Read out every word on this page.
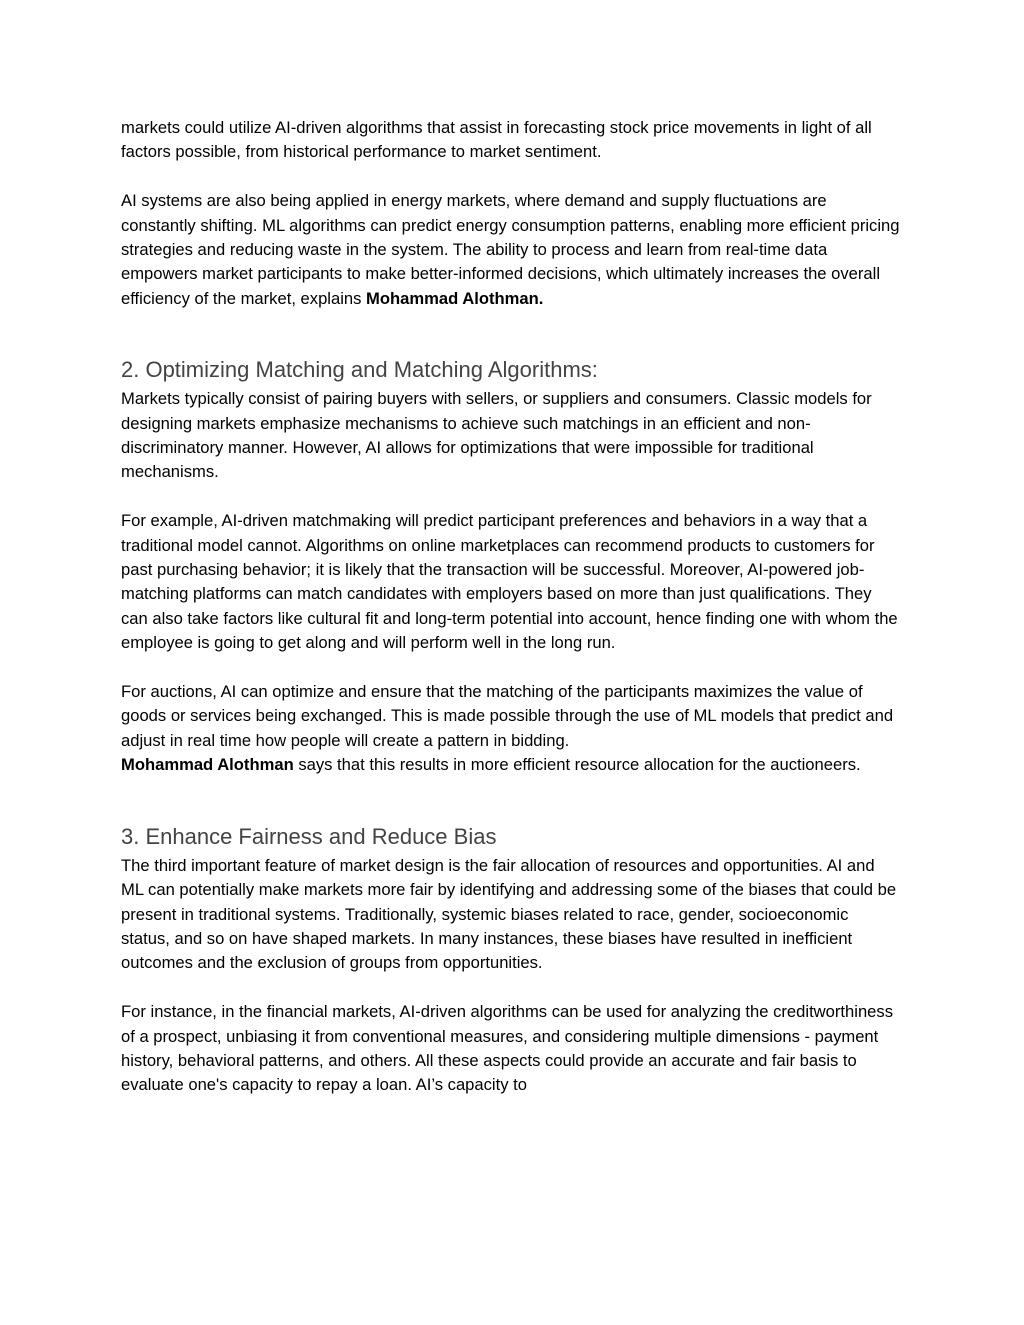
markets could utilize AI-driven algorithms that assist in forecasting stock price movements in light of all factors possible, from historical performance to market sentiment.

AI systems are also being applied in energy markets, where demand and supply fluctuations are constantly shifting. ML algorithms can predict energy consumption patterns, enabling more efficient pricing strategies and reducing waste in the system. The ability to process and learn from real-time data empowers market participants to make better-informed decisions, which ultimately increases the overall efficiency of the market, explains Mohammad Alothman.

2. Optimizing Matching and Matching Algorithms:

Markets typically consist of pairing buyers with sellers, or suppliers and consumers. Classic models for designing markets emphasize mechanisms to achieve such matchings in an efficient and non-discriminatory manner. However, AI allows for optimizations that were impossible for traditional mechanisms.

For example, AI-driven matchmaking will predict participant preferences and behaviors in a way that a traditional model cannot. Algorithms on online marketplaces can recommend products to customers for past purchasing behavior; it is likely that the transaction will be successful. Moreover, AI-powered job-matching platforms can match candidates with employers based on more than just qualifications. They can also take factors like cultural fit and long-term potential into account, hence finding one with whom the employee is going to get along and will perform well in the long run.

For auctions, AI can optimize and ensure that the matching of the participants maximizes the value of goods or services being exchanged. This is made possible through the use of ML models that predict and adjust in real time how people will create a pattern in bidding.
Mohammad Alothman says that this results in more efficient resource allocation for the auctioneers.

3. Enhance Fairness and Reduce Bias

The third important feature of market design is the fair allocation of resources and opportunities. AI and ML can potentially make markets more fair by identifying and addressing some of the biases that could be present in traditional systems. Traditionally, systemic biases related to race, gender, socioeconomic status, and so on have shaped markets. In many instances, these biases have resulted in inefficient outcomes and the exclusion of groups from opportunities.

For instance, in the financial markets, AI-driven algorithms can be used for analyzing the creditworthiness of a prospect, unbiasing it from conventional measures, and considering multiple dimensions - payment history, behavioral patterns, and others. All these aspects could provide an accurate and fair basis to evaluate one's capacity to repay a loan. AI’s capacity to
